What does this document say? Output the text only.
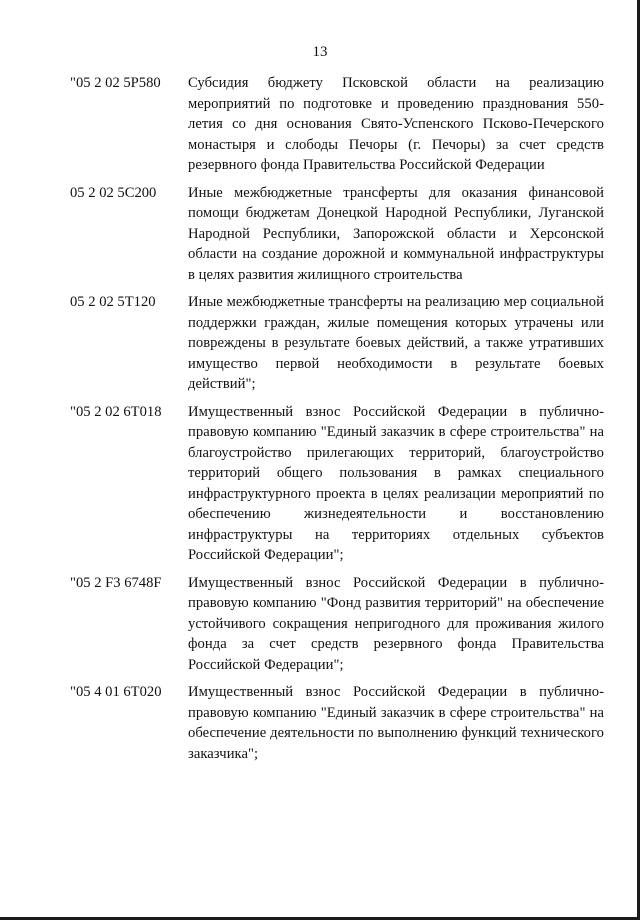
13
"05 2 02 5Р580	Субсидия бюджету Псковской области на реализацию мероприятий по подготовке и проведению празднования 550-летия со дня основания Свято-Успенского Псково-Печерского монастыря и слободы Печоры (г. Печоры) за счет средств резервного фонда Правительства Российской Федерации
05 2 02 5С200	Иные межбюджетные трансферты для оказания финансовой помощи бюджетам Донецкой Народной Республики, Луганской Народной Республики, Запорожской области и Херсонской области на создание дорожной и коммунальной инфраструктуры в целях развития жилищного строительства
05 2 02 5Т120	Иные межбюджетные трансферты на реализацию мер социальной поддержки граждан, жилые помещения которых утрачены или повреждены в результате боевых действий, а также утративших имущество первой необходимости в результате боевых действий";
"05 2 02 6Т018	Имущественный взнос Российской Федерации в публично-правовую компанию "Единый заказчик в сфере строительства" на благоустройство прилегающих территорий, благоустройство территорий общего пользования в рамках специального инфраструктурного проекта в целях реализации мероприятий по обеспечению жизнедеятельности и восстановлению инфраструктуры на территориях отдельных субъектов Российской Федерации";
"05 2 F3 6748F	Имущественный взнос Российской Федерации в публично-правовую компанию "Фонд развития территорий" на обеспечение устойчивого сокращения непригодного для проживания жилого фонда за счет средств резервного фонда Правительства Российской Федерации";
"05 4 01 6Т020	Имущественный взнос Российской Федерации в публично-правовую компанию "Единый заказчик в сфере строительства" на обеспечение деятельности по выполнению функций технического заказчика";
